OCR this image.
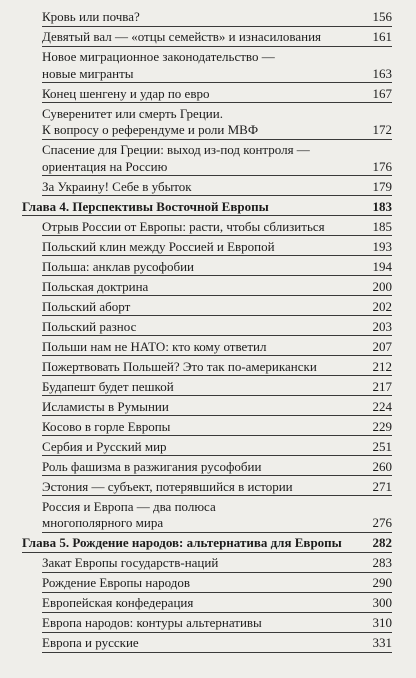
Кровь или почва?	156
Девятый вал — «отцы семейств» и изнасилования	161
Новое миграционное законодательство —
новые мигранты	163
Конец шенгену и удар по евро	167
Суверенитет или смерть Греции.
К вопросу о референдуме и роли МВФ	172
Спасение для Греции: выход из-под контроля —
ориентация на Россию	176
За Украину! Себе в убыток	179
Глава 4. Перспективы Восточной Европы	183
Отрыв России от Европы: расти, чтобы сблизиться	185
Польский клин между Россией и Европой	193
Польша: анклав русофобии	194
Польская доктрина	200
Польский аборт	202
Польский разнос	203
Польши нам не НАТО: кто кому ответил	207
Пожертвовать Польшей? Это так по-американски	212
Будапешт будет пешкой	217
Исламисты в Румынии	224
Косово в горле Европы	229
Сербия и Русский мир	251
Роль фашизма в разжигания русофобии	260
Эстония — субъект, потерявшийся в истории	271
Россия и Европа — два полюса
многополярного мира	276
Глава 5. Рождение народов: альтернатива для Европы	282
Закат Европы государств-наций	283
Рождение Европы народов	290
Европейская конфедерация	300
Европа народов: контуры альтернативы	310
Европа и русские	331
